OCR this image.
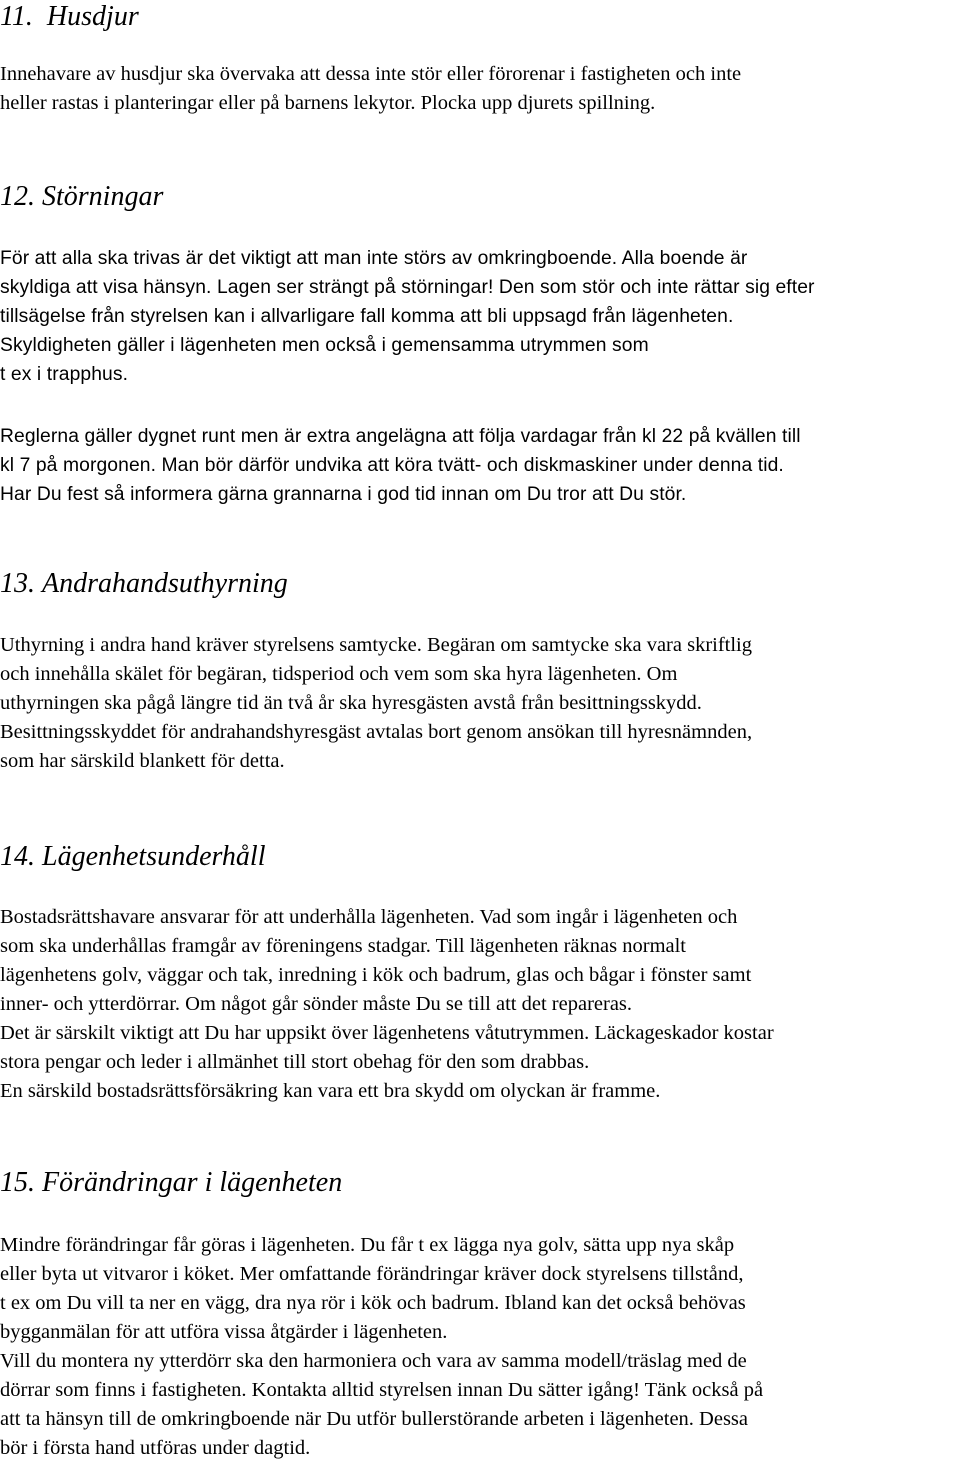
11. Husdjur
Innehavare av husdjur ska övervaka att dessa inte stör eller förorenar i fastigheten och inte
heller rastas i planteringar eller på barnens lekytor. Plocka upp djurets spillning.
12. Störningar
För att alla ska trivas är det viktigt att man inte störs av omkringboende. Alla boende är
skyldiga att visa hänsyn. Lagen ser strängt på störningar! Den som stör och inte rättar sig efter
tillsägelse från styrelsen kan i allvarligare fall komma att bli uppsagd från lägenheten.
Skyldigheten gäller i lägenheten men också i gemensamma utrymmen som
t ex i trapphus.
Reglerna gäller dygnet runt men är extra angelägna att följa vardagar från kl 22 på kvällen till
kl 7 på morgonen. Man bör därför undvika att köra tvätt- och diskmaskiner under denna tid.
Har Du fest så informera gärna grannarna i god tid innan om Du tror att Du stör.
13. Andrahandsuthyrning
Uthyrning i andra hand kräver styrelsens samtycke. Begäran om samtycke ska vara skriftlig
och innehålla skälet för begäran, tidsperiod och vem som ska hyra lägenheten. Om
uthyrningen ska pågå längre tid än två år ska hyresgästen avstå från besittningsskydd.
Besittningsskyddet för andrahandshyresgäst avtalas bort genom ansökan till hyresnämnden,
som har särskild blankett för detta.
14. Lägenhetsunderhåll
Bostadsrättshavare ansvarar för att underhålla lägenheten. Vad som ingår i lägenheten och
som ska underhållas framgår av föreningens stadgar. Till lägenheten räknas normalt
lägenhetens golv, väggar och tak, inredning i kök och badrum, glas och bågar i fönster samt
inner- och ytterdörrar. Om något går sönder måste Du se till att det repareras.
Det är särskilt viktigt att Du har uppsikt över lägenhetens våtutrymmen. Läckageskador kostar
stora pengar och leder i allmänhet till stort obehag för den som drabbas.
En särskild bostadsrättsförsäkring kan vara ett bra skydd om olyckan är framme.
15. Förändringar i lägenheten
Mindre förändringar får göras i lägenheten. Du får t ex lägga nya golv, sätta upp nya skåp
eller byta ut vitvaror i köket. Mer omfattande förändringar kräver dock styrelsens tillstånd,
t ex om Du vill ta ner en vägg, dra nya rör i kök och badrum. Ibland kan det också behövas
bygganmälan för att utföra vissa åtgärder i lägenheten.
Vill du montera ny ytterdörr ska den harmoniera och vara av samma modell/träslag med de
dörrar som finns i fastigheten. Kontakta alltid styrelsen innan Du sätter igång! Tänk också på
att ta hänsyn till de omkringboende när Du utför bullerstörande arbeten i lägenheten. Dessa
bör i första hand utföras under dagtid.
